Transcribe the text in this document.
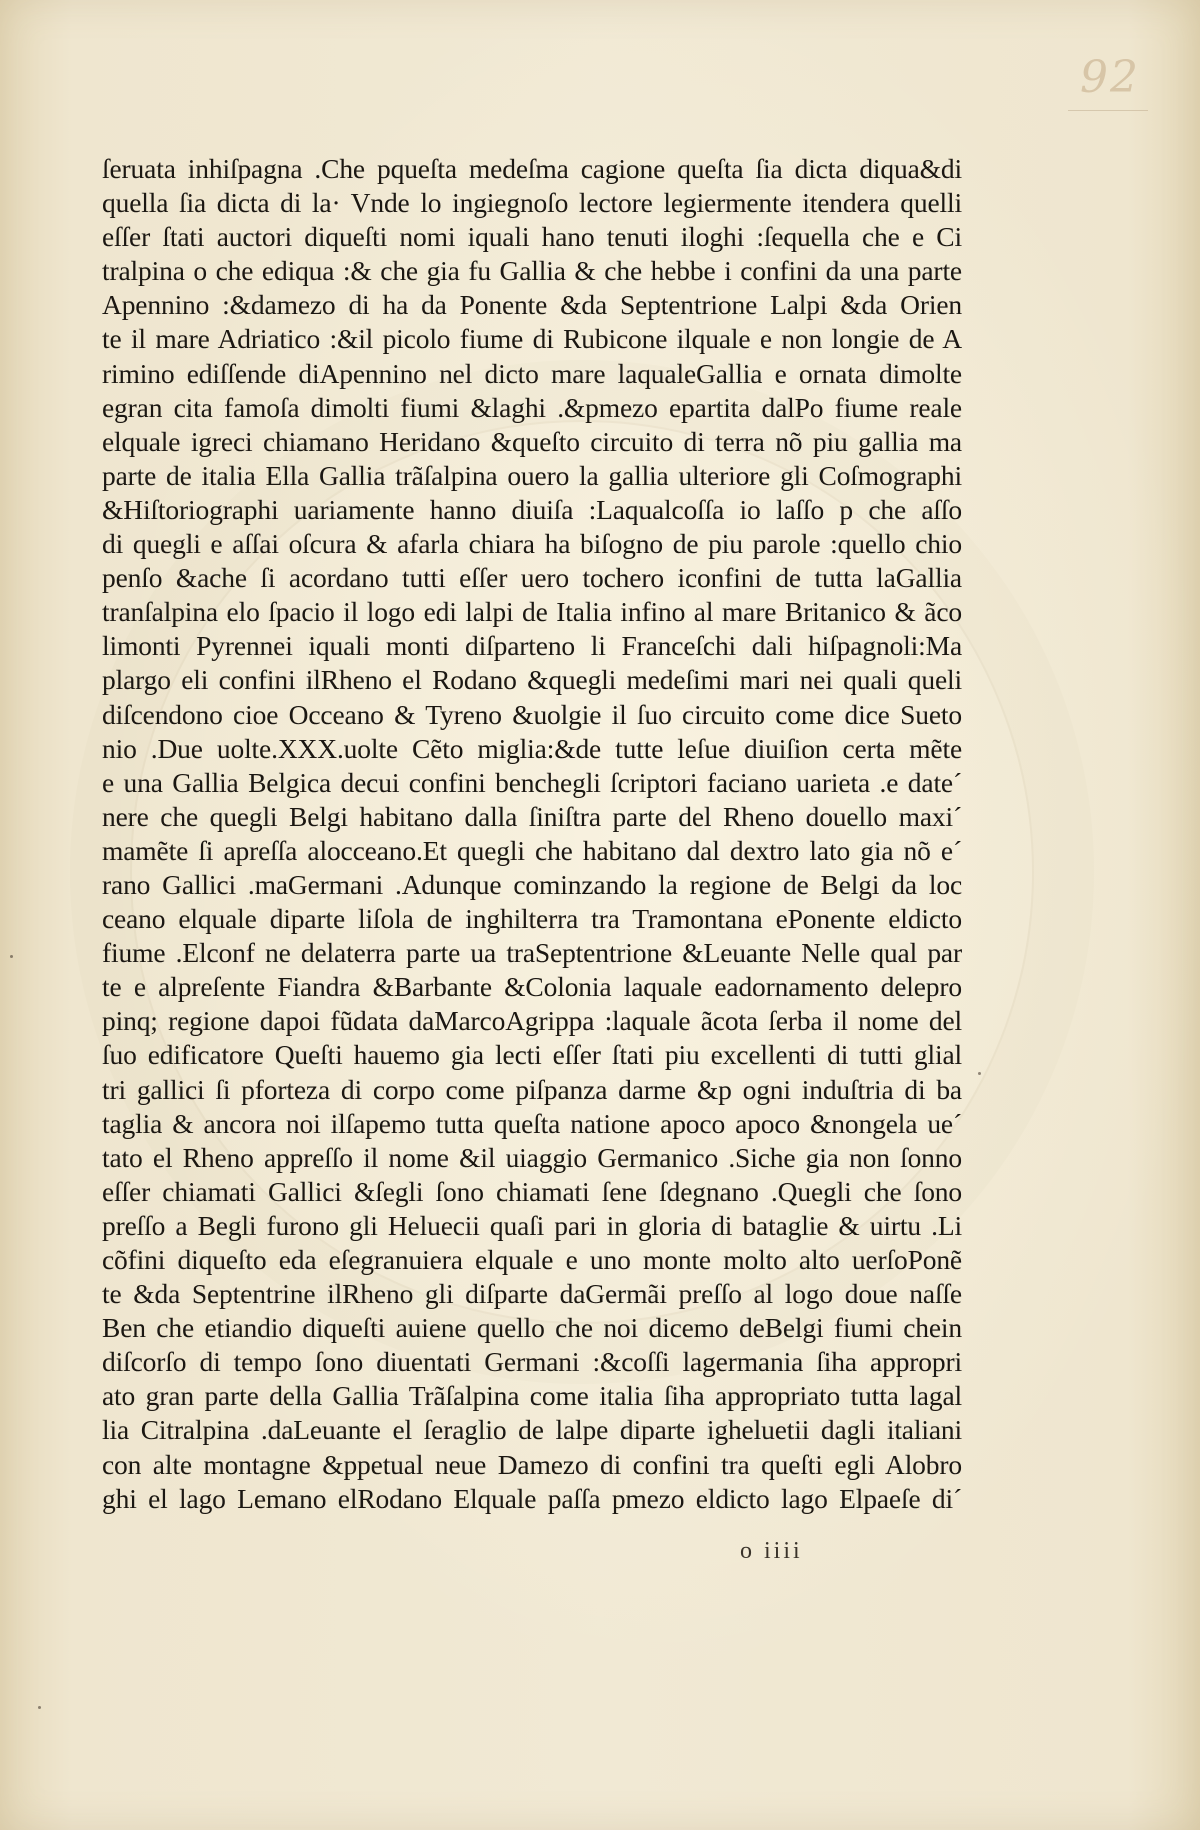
92
ſeruata inhiſpagna .Che pqueſta medeſma cagione queſta ſia dicta diqua&di
quella ſia dicta di la· Vnde lo ingiegnoſo lectore legiermente itendera quelli
eſſer ſtati auctori diqueſti nomi iquali hano tenuti iloghi :ſequella che e Ci
tralpina o che ediqua :& che gia fu Gallia & che hebbe i confini da una parte
Apennino :&damezo di ha da Ponente &da Septentrione Lalpi &da Orien
te il mare Adriatico :&il picolo fiume di Rubicone ilquale e non longie de A
rimino ediſſende diApennino nel dicto mare laqualeGallia e ornata dimolte
egran cita famoſa dimolti fiumi &laghi .&pmezo epartita dalPo fiume reale
elquale igreci chiamano Heridano &queſto circuito di terra nõ piu gallia ma
parte de italia Ella Gallia trãſalpina ouero la gallia ulteriore gli Coſmographi
&Hiſtoriographi uariamente hanno diuiſa :Laqualcoſſa io laſſo p che aſſo
di quegli e aſſai oſcura & afarla chiara ha biſogno de piu parole :quello chio
penſo &ache ſi acordano tutti eſſer uero tochero iconfini de tutta laGallia
tranſalpina elo ſpacio il logo edi lalpi de Italia infino al mare Britanico & ãco
limonti Pyrennei iquali monti diſparteno li Franceſchi dali hiſpagnoli:Ma
plargo eli confini ilRheno el Rodano &quegli medeſimi mari nei quali queli
diſcendono cioe Occeano & Tyreno &uolgie il ſuo circuito come dice Sueto
nio .Due uolte.XXX.uolte Cẽto miglia:&de tutte leſue diuiſion certa mẽte
e una Gallia Belgica decui confini benchegli ſcriptori faciano uarieta .e date´
nere che quegli Belgi habitano dalla ſiniſtra parte del Rheno douello maxi´
mamẽte ſi apreſſa alocceano.Et quegli che habitano dal dextro lato gia nõ e´
rano Gallici .maGermani .Adunque cominzando la regione de Belgi da loc
ceano elquale diparte liſola de inghilterra tra Tramontana ePonente eldicto
fiume .Elconf ne delaterra parte ua traSeptentrione &Leuante Nelle qual par
te e alpreſente Fiandra &Barbante &Colonia laquale eadornamento delepro
pinq; regione dapoi fũdata daMarcoAgrippa :laquale ãcota ſerba il nome del
ſuo edificatore Queſti hauemo gia lecti eſſer ſtati piu excellenti di tutti glial
tri gallici ſi pforteza di corpo come piſpanza darme &p ogni induſtria di ba
taglia & ancora noi ilſapemo tutta queſta natione apoco apoco &nongela ue´
tato el Rheno appreſſo il nome &il uiaggio Germanico .Siche gia non ſonno
eſſer chiamati Gallici &ſegli ſono chiamati ſene ſdegnano .Quegli che ſono
preſſo a Begli furono gli Heluecii quaſi pari in gloria di bataglie & uirtu .Li
cõfini diqueſto eda eſegranuiera elquale e uno monte molto alto uerſoPonẽ
te &da Septentrine ilRheno gli diſparte daGermãi preſſo al logo doue naſſe
Ben che etiandio diqueſti auiene quello che noi dicemo deBelgi fiumi chein
diſcorſo di tempo ſono diuentati Germani :&coſſi lagermania ſiha appropri
ato gran parte della Gallia Trãſalpina come italia ſiha appropriato tutta lagal
lia Citralpina .daLeuante el ſeraglio de lalpe diparte igheluetii dagli italiani
con alte montagne &ppetual neue Damezo di confini tra queſti egli Alobro
ghi el lago Lemano elRodano Elquale paſſa pmezo eldicto lago Elpaeſe di´
o iiii
